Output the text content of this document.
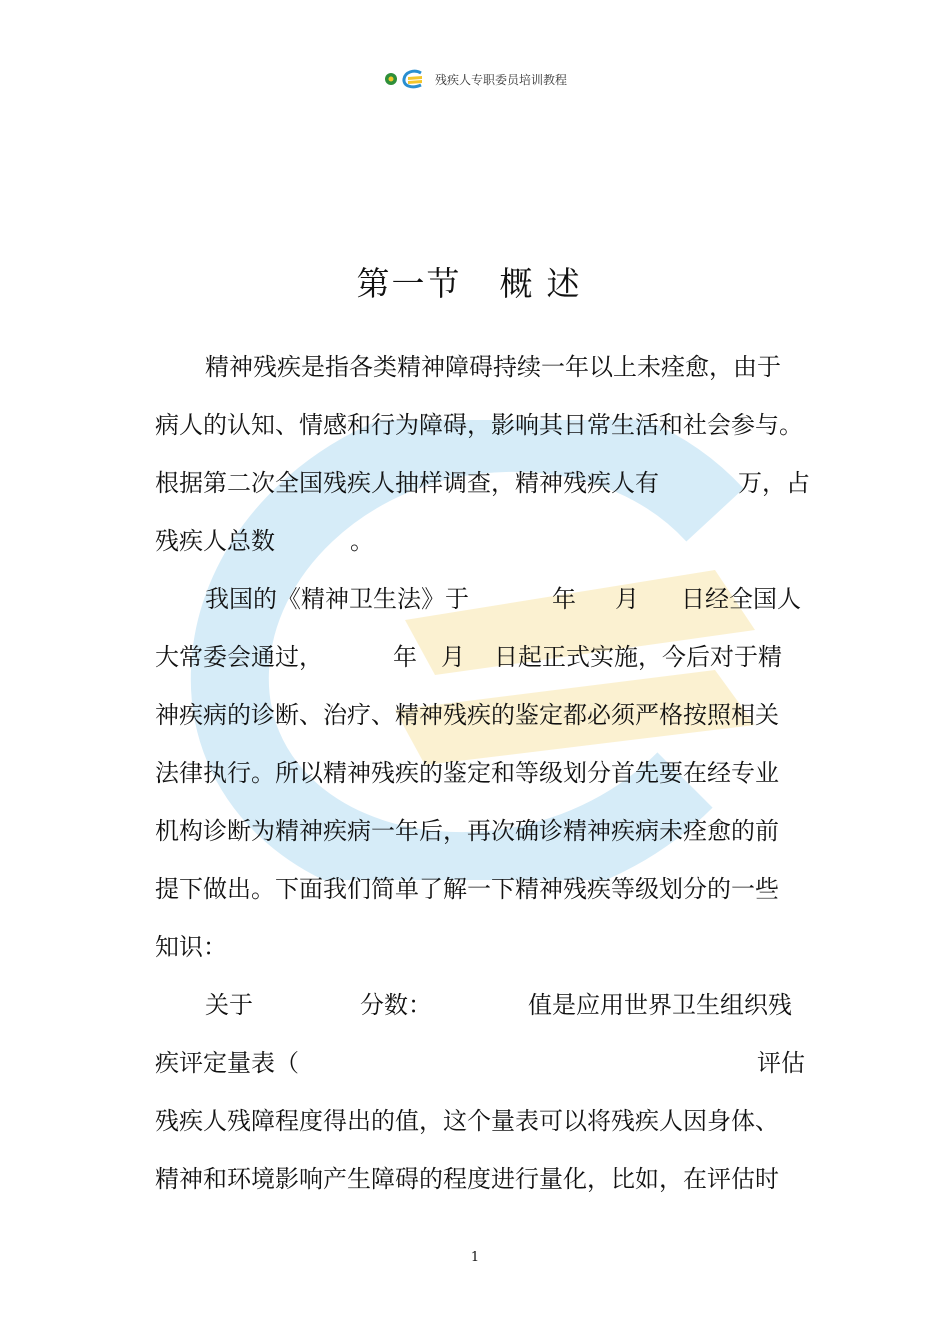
残疾人专职委员培训教程
第一节 概述
精神残疾是指各类精神障碍持续一年以上未痊愈，由于
病人的认知、情感和行为障碍，影响其日常生活和社会参与。
根据第二次全国残疾人抽样调查，精神残疾人有	万，占
残疾人总数	。
我国的《精神卫生法》于	年 月 日经全国人
大常委会通过，	年 月 日起正式实施，今后对于精
神疾病的诊断、治疗、精神残疾的鉴定都必须严格按照相关
法律执行。所以精神残疾的鉴定和等级划分首先要在经专业
机构诊断为精神疾病一年后，再次确诊精神疾病未痊愈的前
提下做出。下面我们简单了解一下精神残疾等级划分的一些
知识：
关于	分数：	值是应用世界卫生组织残
疾评定量表（	评估
残疾人残障程度得出的值，这个量表可以将残疾人因身体、
精神和环境影响产生障碍的程度进行量化，比如，在评估时
1
